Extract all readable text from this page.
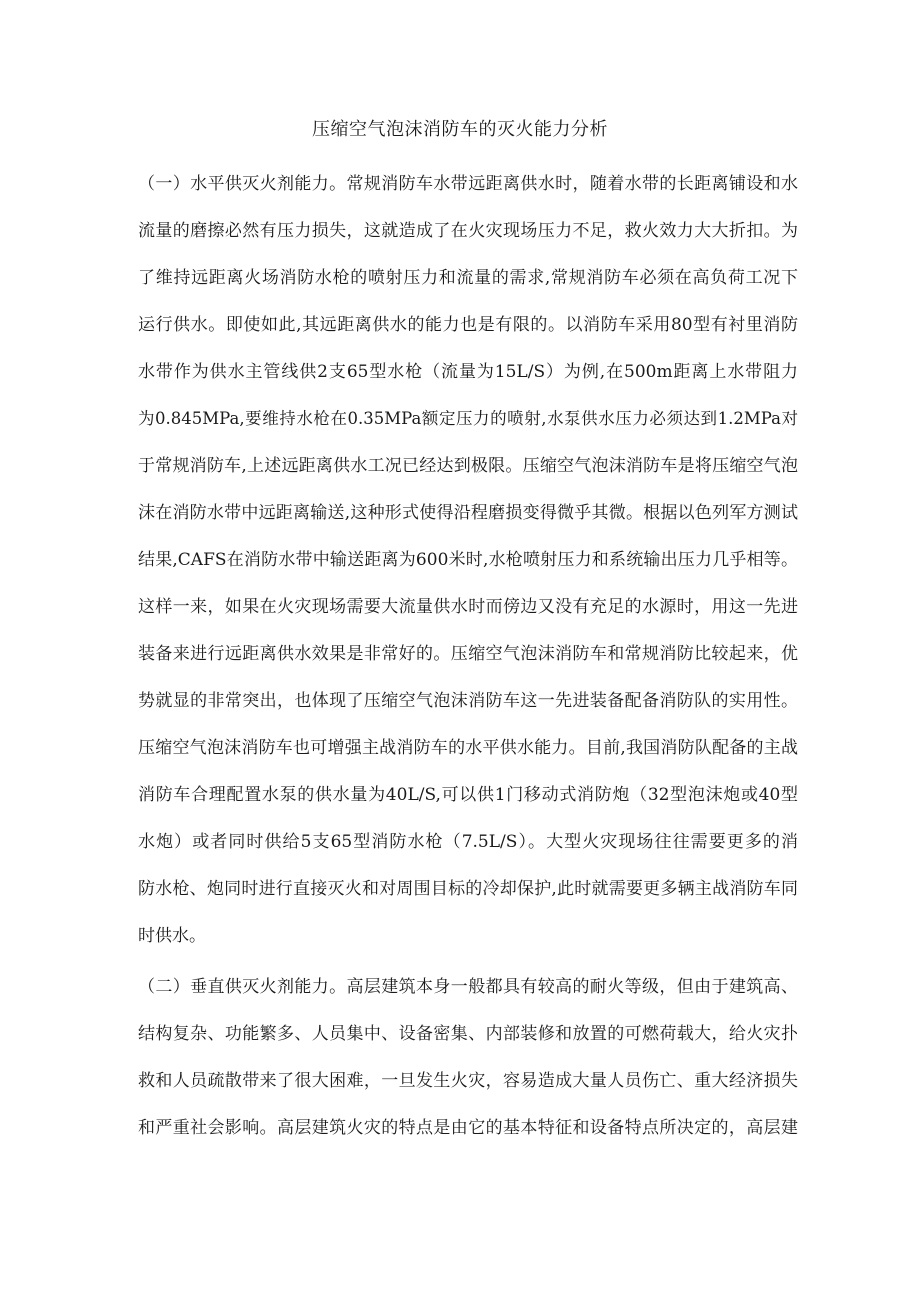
压缩空气泡沫消防车的灭火能力分析
（一）水平供灭火剂能力。常规消防车水带远距离供水时，随着水带的长距离铺设和水
流量的磨擦必然有压力损失，这就造成了在火灾现场压力不足，救火效力大大折扣。为
了维持远距离火场消防水枪的喷射压力和流量的需求,常规消防车必须在高负荷工况下
运行供水。即使如此,其远距离供水的能力也是有限的。以消防车采用80型有衬里消防
水带作为供水主管线供2支65型水枪（流量为15L/S）为例,在500m距离上水带阻力
为0.845MPa,要维持水枪在0.35MPa额定压力的喷射,水泵供水压力必须达到1.2MPa对
于常规消防车,上述远距离供水工况已经达到极限。压缩空气泡沫消防车是将压缩空气泡
沫在消防水带中远距离输送,这种形式使得沿程磨损变得微乎其微。根据以色列军方测试
结果,CAFS在消防水带中输送距离为600米时,水枪喷射压力和系统输出压力几乎相等。
这样一来，如果在火灾现场需要大流量供水时而傍边又没有充足的水源时，用这一先进
装备来进行远距离供水效果是非常好的。压缩空气泡沫消防车和常规消防比较起来，优
势就显的非常突出，也体现了压缩空气泡沫消防车这一先进装备配备消防队的实用性。
压缩空气泡沫消防车也可增强主战消防车的水平供水能力。目前,我国消防队配备的主战
消防车合理配置水泵的供水量为40L/S,可以供1门移动式消防炮（32型泡沫炮或40型
水炮）或者同时供给5支65型消防水枪（7.5L/S）。大型火灾现场往往需要更多的消
防水枪、炮同时进行直接灭火和对周围目标的冷却保护,此时就需要更多辆主战消防车同
时供水。
（二）垂直供灭火剂能力。高层建筑本身一般都具有较高的耐火等级，但由于建筑高、
结构复杂、功能繁多、人员集中、设备密集、内部装修和放置的可燃荷载大，给火灾扑
救和人员疏散带来了很大困难，一旦发生火灾，容易造成大量人员伤亡、重大经济损失
和严重社会影响。高层建筑火灾的特点是由它的基本特征和设备特点所决定的，高层建
